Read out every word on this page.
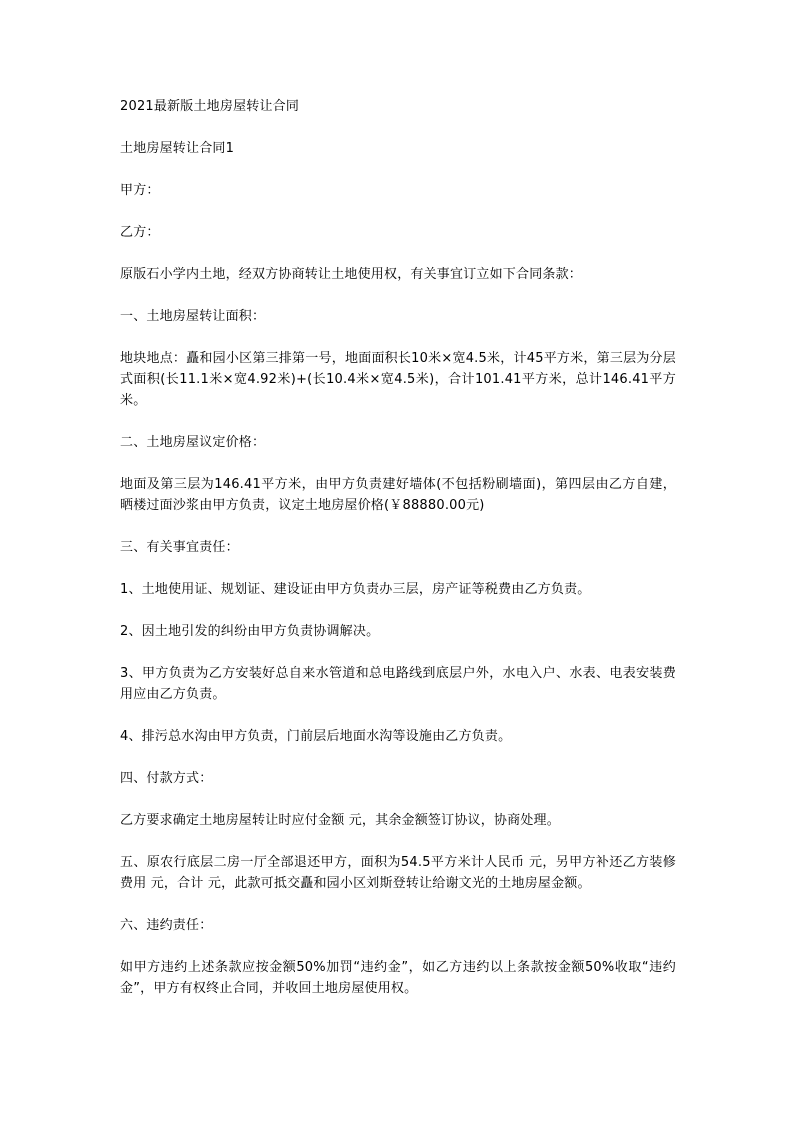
2021最新版土地房屋转让合同

土地房屋转让合同1

甲方：

乙方：

原版石小学内土地，经双方协商转让土地使用权，有关事宜订立如下合同条款：

一、土地房屋转让面积：

地块地点：矗和园小区第三排第一号，地面面积长10米×宽4.5米，计45平方米，第三层为分层式面积(长11.1米×宽4.92米)+(长10.4米×宽4.5米)，合计101.41平方米，总计146.41平方米。

二、土地房屋议定价格：

地面及第三层为146.41平方米，由甲方负责建好墙体(不包括粉刷墙面)，第四层由乙方自建，晒楼过面沙浆由甲方负责，议定土地房屋价格(￥88880.00元)

三、有关事宜责任：

1、土地使用证、规划证、建设证由甲方负责办三层，房产证等税费由乙方负责。

2、因土地引发的纠纷由甲方负责协调解决。

3、甲方负责为乙方安装好总自来水管道和总电路线到底层户外，水电入户、水表、电表安装费用应由乙方负责。

4、排污总水沟由甲方负责，门前层后地面水沟等设施由乙方负责。

四、付款方式：

乙方要求确定土地房屋转让时应付金额 元，其余金额签订协议，协商处理。

五、原农行底层二房一厅全部退还甲方，面积为54.5平方米计人民币 元，另甲方补还乙方装修费用 元，合计 元，此款可抵交矗和园小区刘斯登转让给谢文光的土地房屋金额。

六、违约责任：

如甲方违约上述条款应按金额50%加罚“违约金”，如乙方违约以上条款按金额50%收取“违约金”，甲方有权终止合同，并收回土地房屋使用权。
